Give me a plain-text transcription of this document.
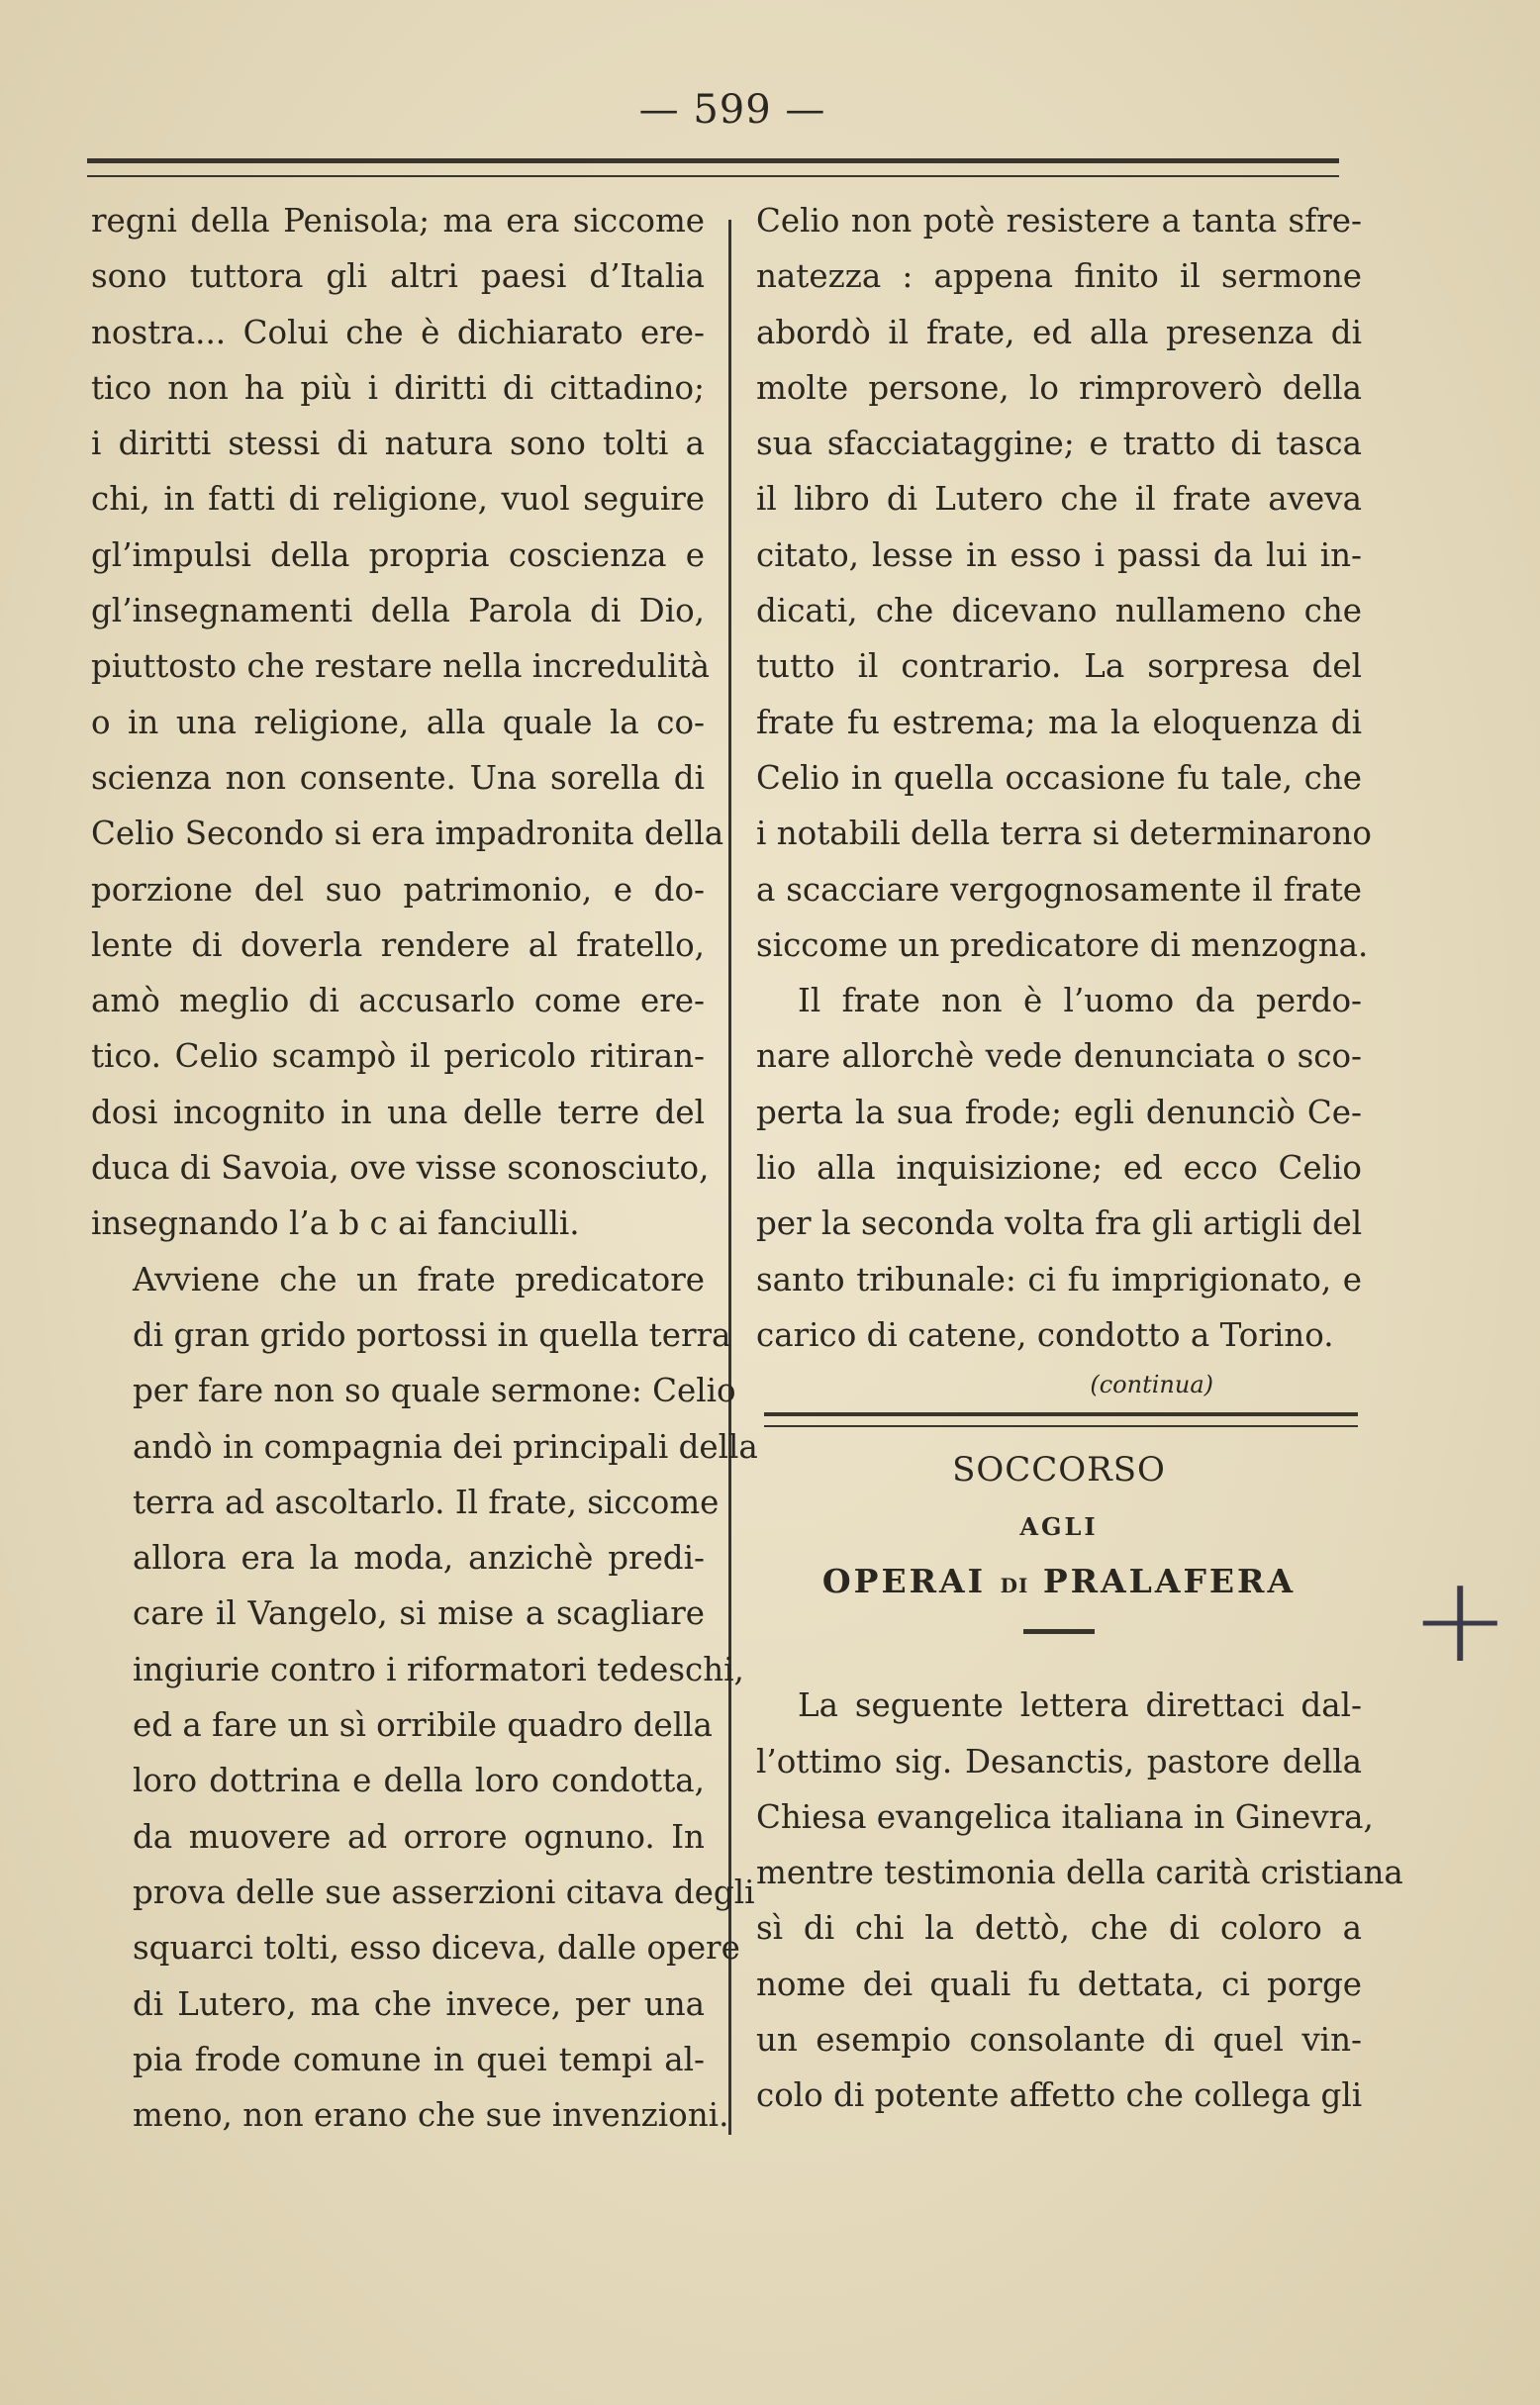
— 599 —

regni della Penisola; ma era siccome
sono tuttora gli altri paesi d’Italia
nostra... Colui che è dichiarato ere-
tico non ha più i diritti di cittadino;
i diritti stessi di natura sono tolti a
chi, in fatti di religione, vuol seguire
gl’impulsi della propria coscienza e
gl’insegnamenti della Parola di Dio,
piuttosto che restare nella incredulità
o in una religione, alla quale la co-
scienza non consente. Una sorella di
Celio Secondo si era impadronita della
porzione del suo patrimonio, e do-
lente di doverla rendere al fratello,
amò meglio di accusarlo come ere-
tico. Celio scampò il pericolo ritiran-
dosi incognito in una delle terre del
duca di Savoia, ove visse sconosciuto,
insegnando l’a b c ai fanciulli.

Avviene che un frate predicatore
di gran grido portossi in quella terra
per fare non so quale sermone: Celio
andò in compagnia dei principali della
terra ad ascoltarlo. Il frate, siccome
allora era la moda, anzichè predi-
care il Vangelo, si mise a scagliare
ingiurie contro i riformatori tedeschi,
ed a fare un sì orribile quadro della
loro dottrina e della loro condotta,
da muovere ad orrore ognuno. In
prova delle sue asserzioni citava degli
squarci tolti, esso diceva, dalle opere
di Lutero, ma che invece, per una
pia frode comune in quei tempi al-
meno, non erano che sue invenzioni.

Celio non potè resistere a tanta sfre-
natezza : appena finito il sermone
abordò il frate, ed alla presenza di
molte persone, lo rimproverò della
sua sfacciataggine; e tratto di tasca
il libro di Lutero che il frate aveva
citato, lesse in esso i passi da lui in-
dicati, che dicevano nullameno che
tutto il contrario. La sorpresa del
frate fu estrema; ma la eloquenza di
Celio in quella occasione fu tale, che
i notabili della terra si determinarono
a scacciare vergognosamente il frate
siccome un predicatore di menzogna.

Il frate non è l’uomo da perdo-
nare allorchè vede denunciata o sco-
perta la sua frode; egli denunciò Ce-
lio alla inquisizione; ed ecco Celio
per la seconda volta fra gli artigli del
santo tribunale: ci fu imprigionato, e
carico di catene, condotto a Torino.

(continua)
SOCCORSO
AGLI
OPERAI DI PRALAFERA

La seguente lettera direttaci dal-
l’ottimo sig. Desanctis, pastore della
Chiesa evangelica italiana in Ginevra,
mentre testimonia della carità cristiana
sì di chi la dettò, che di coloro a
nome dei quali fu dettata, ci porge
un esempio consolante di quel vin-
colo di potente affetto che collega gli

+
